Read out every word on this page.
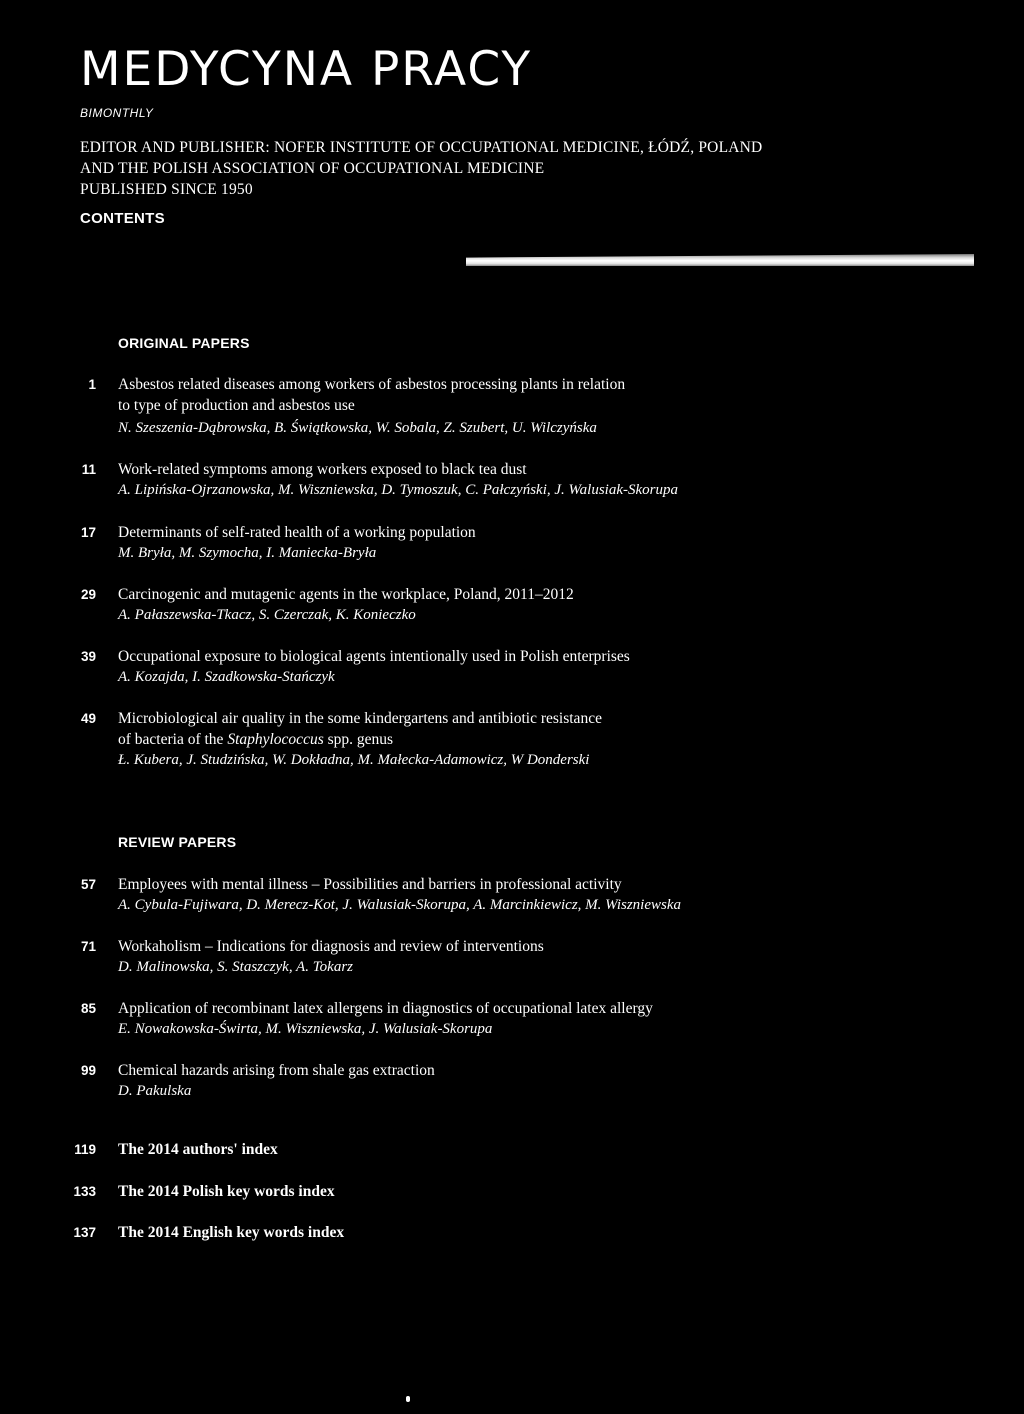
MEDYCYNA PRACY
BIMONTHLY
EDITOR AND PUBLISHER: NOFER INSTITUTE OF OCCUPATIONAL MEDICINE, ŁÓDŹ, POLAND
AND THE POLISH ASSOCIATION OF OCCUPATIONAL MEDICINE
PUBLISHED SINCE 1950
CONTENTS
ORIGINAL PAPERS
1 Asbestos related diseases among workers of asbestos processing plants in relation
to type of production and asbestos use
N. Szeszenia-Dąbrowska, B. Świątkowska, W. Sobala, Z. Szubert, U. Wilczyńska
11 Work-related symptoms among workers exposed to black tea dust
A. Lipińska-Ojrzanowska, M. Wiszniewska, D. Tymoszuk, C. Pałczyński, J. Walusiak-Skorupa
17 Determinants of self-rated health of a working population
M. Bryła, M. Szymocha, I. Maniecka-Bryła
29 Carcinogenic and mutagenic agents in the workplace, Poland, 2011–2012
A. Pałaszewska-Tkacz, S. Czerczak, K. Konieczko
39 Occupational exposure to biological agents intentionally used in Polish enterprises
A. Kozajda, I. Szadkowska-Stańczyk
49 Microbiological air quality in the some kindergartens and antibiotic resistance
of bacteria of the Staphylococcus spp. genus
Ł. Kubera, J. Studzińska, W. Dokładna, M. Małecka-Adamowicz, W Donderski
REVIEW PAPERS
57 Employees with mental illness – Possibilities and barriers in professional activity
A. Cybula-Fujiwara, D. Merecz-Kot, J. Walusiak-Skorupa, A. Marcinkiewicz, M. Wiszniewska
71 Workaholism – Indications for diagnosis and review of interventions
D. Malinowska, S. Staszczyk, A. Tokarz
85 Application of recombinant latex allergens in diagnostics of occupational latex allergy
E. Nowakowska-Świrta, M. Wiszniewska, J. Walusiak-Skorupa
99 Chemical hazards arising from shale gas extraction
D. Pakulska
119 The 2014 authors' index
133 The 2014 Polish key words index
137 The 2014 English key words index
